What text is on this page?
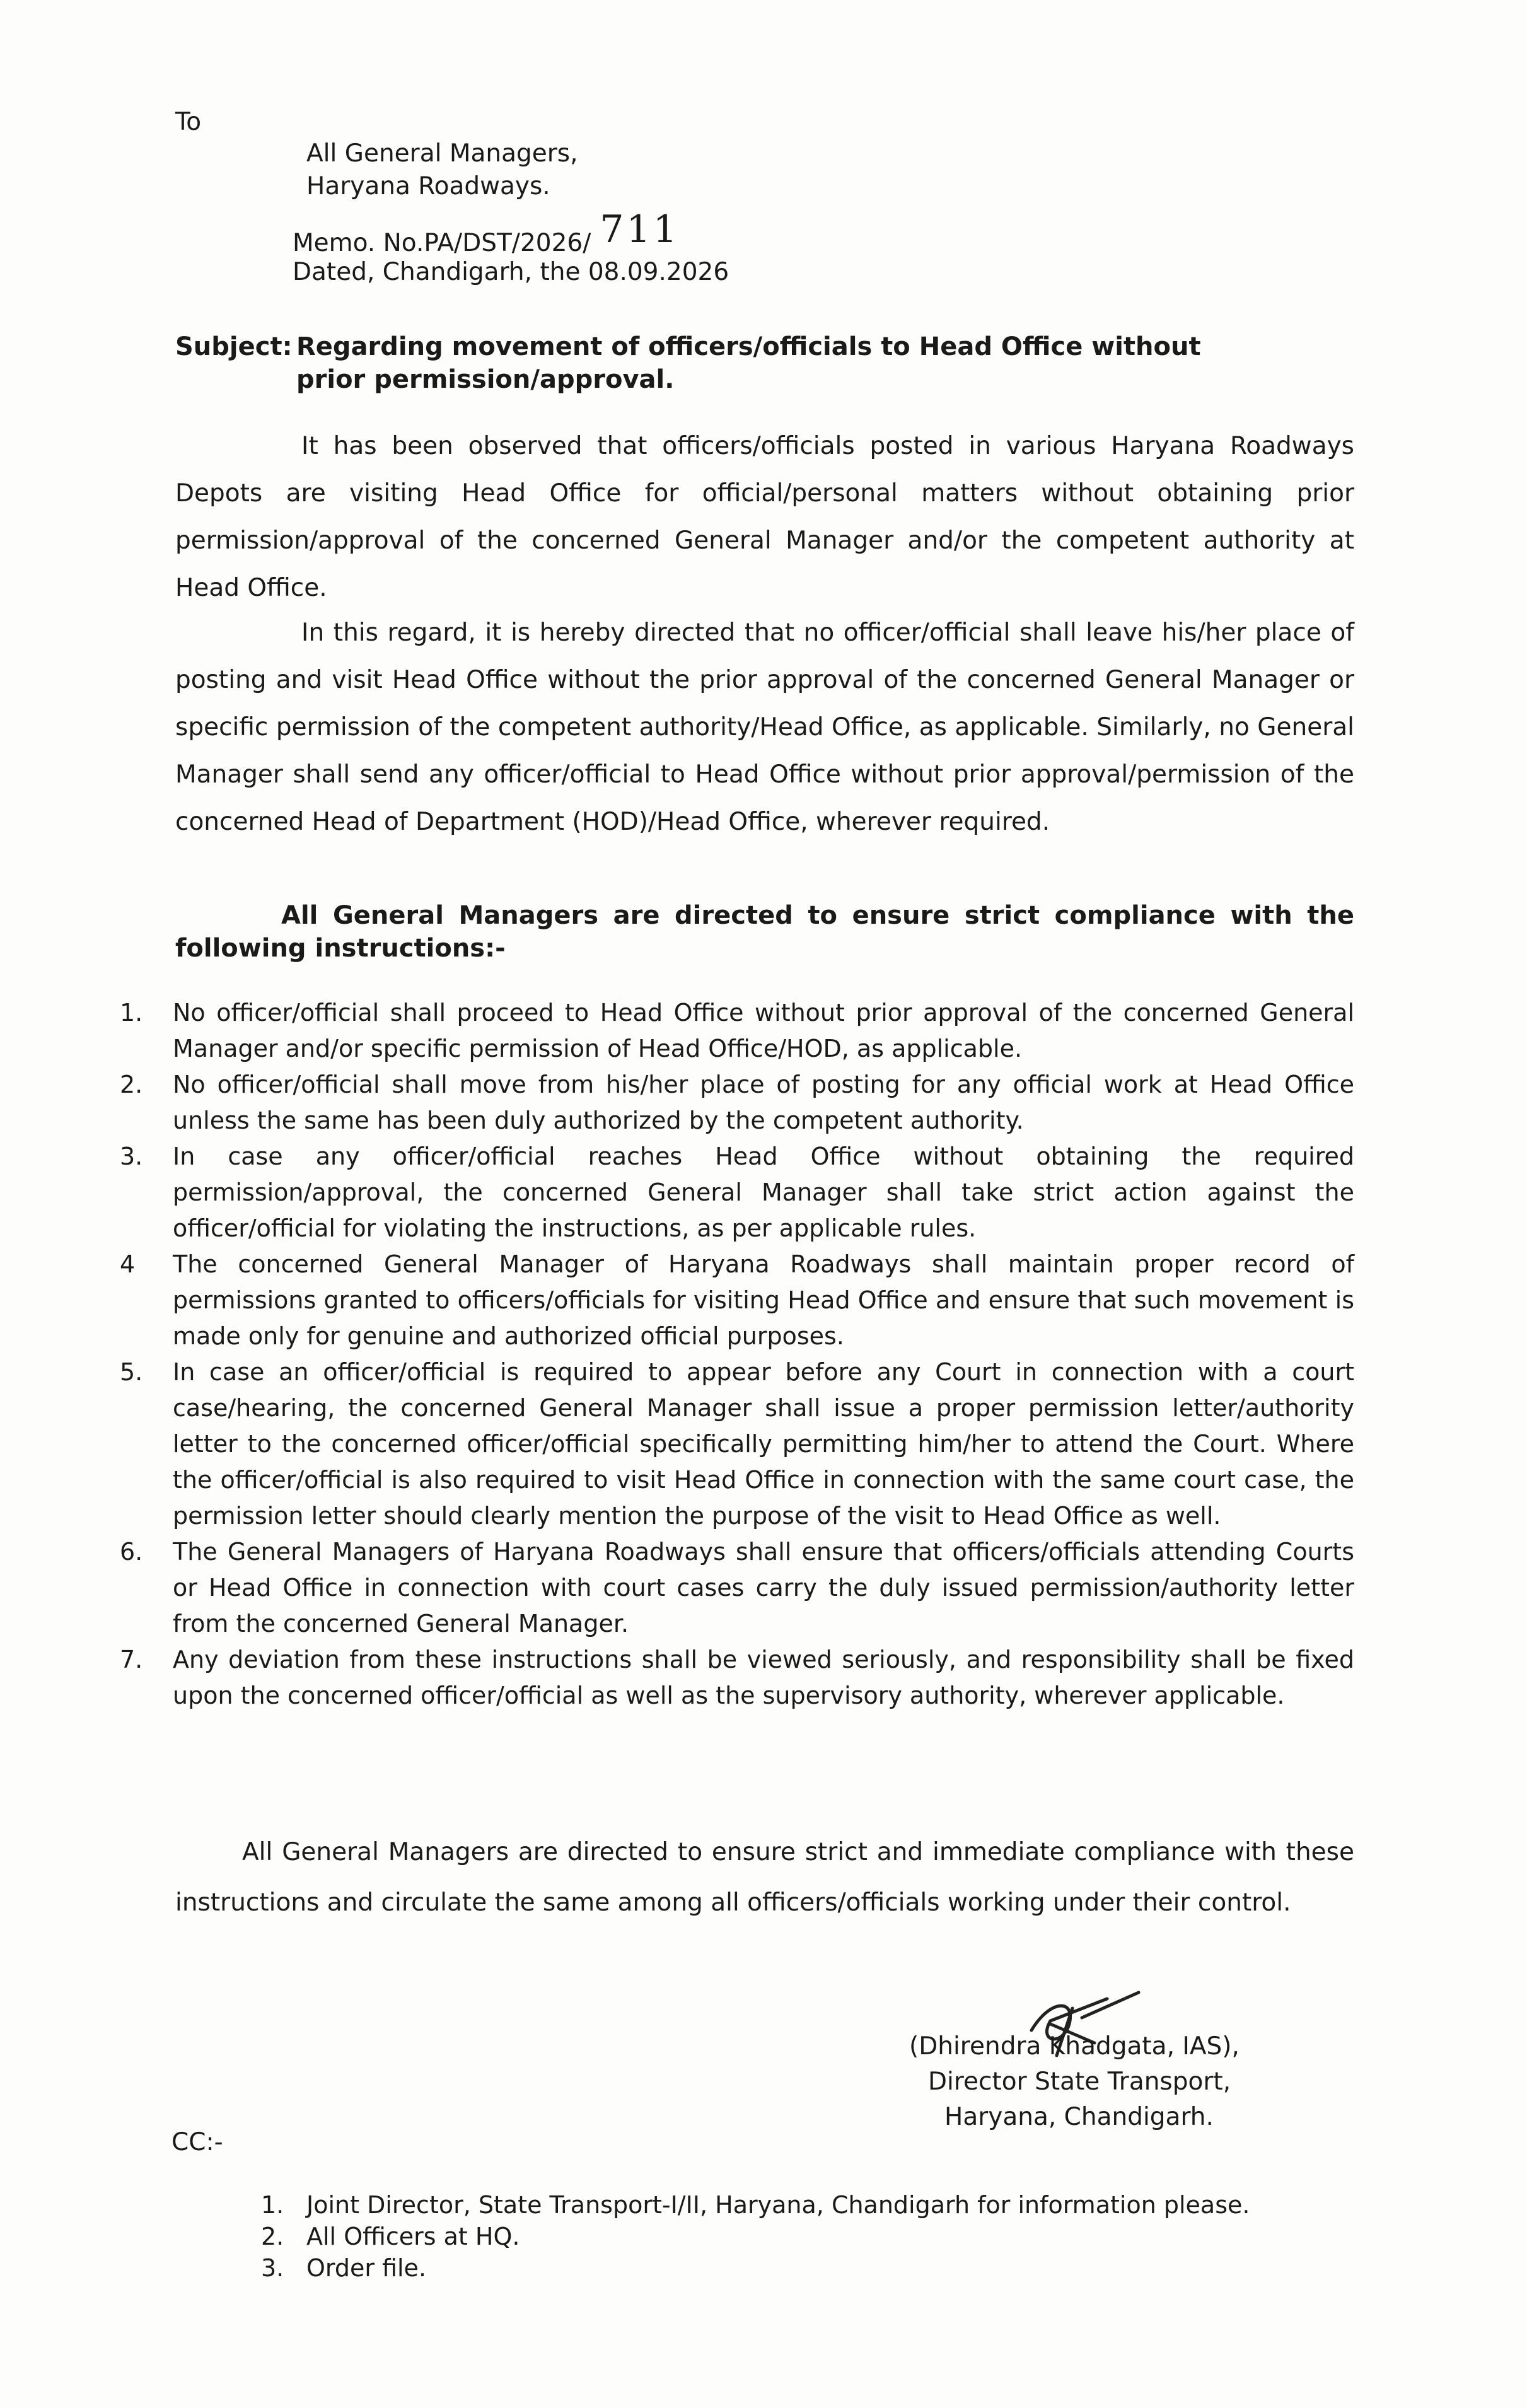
To
All General Managers,
Haryana Roadways.
Memo. No.PA/DST/2026/ 711
Dated, Chandigarh, the 08.09.2026
Subject: Regarding movement of officers/officials to Head Office without
prior permission/approval.
It has been observed that officers/officials posted in various Haryana Roadways Depots are visiting Head Office for official/personal matters without obtaining prior permission/approval of the concerned General Manager and/or the competent authority at Head Office.
In this regard, it is hereby directed that no officer/official shall leave his/her place of posting and visit Head Office without the prior approval of the concerned General Manager or specific permission of the competent authority/Head Office, as applicable. Similarly, no General Manager shall send any officer/official to Head Office without prior approval/permission of the concerned Head of Department (HOD)/Head Office, wherever required.
All General Managers are directed to ensure strict compliance with the following instructions:-
1.	No officer/official shall proceed to Head Office without prior approval of the concerned General Manager and/or specific permission of Head Office/HOD, as applicable.
2.	No officer/official shall move from his/her place of posting for any official work at Head Office unless the same has been duly authorized by the competent authority.
3.	In case any officer/official reaches Head Office without obtaining the required permission/approval, the concerned General Manager shall take strict action against the officer/official for violating the instructions, as per applicable rules.
4	The concerned General Manager of Haryana Roadways shall maintain proper record of permissions granted to officers/officials for visiting Head Office and ensure that such movement is made only for genuine and authorized official purposes.
5.	In case an officer/official is required to appear before any Court in connection with a court case/hearing, the concerned General Manager shall issue a proper permission letter/authority letter to the concerned officer/official specifically permitting him/her to attend the Court. Where the officer/official is also required to visit Head Office in connection with the same court case, the permission letter should clearly mention the purpose of the visit to Head Office as well.
6.	The General Managers of Haryana Roadways shall ensure that officers/officials attending Courts or Head Office in connection with court cases carry the duly issued permission/authority letter from the concerned General Manager.
7.	Any deviation from these instructions shall be viewed seriously, and responsibility shall be fixed upon the concerned officer/official as well as the supervisory authority, wherever applicable.
All General Managers are directed to ensure strict and immediate compliance with these instructions and circulate the same among all officers/officials working under their control.
(Dhirendra Khadgata, IAS),
Director State Transport,
Haryana, Chandigarh.
CC:-
1. Joint Director, State Transport-I/II, Haryana, Chandigarh for information please.
2. All Officers at HQ.
3. Order file.
